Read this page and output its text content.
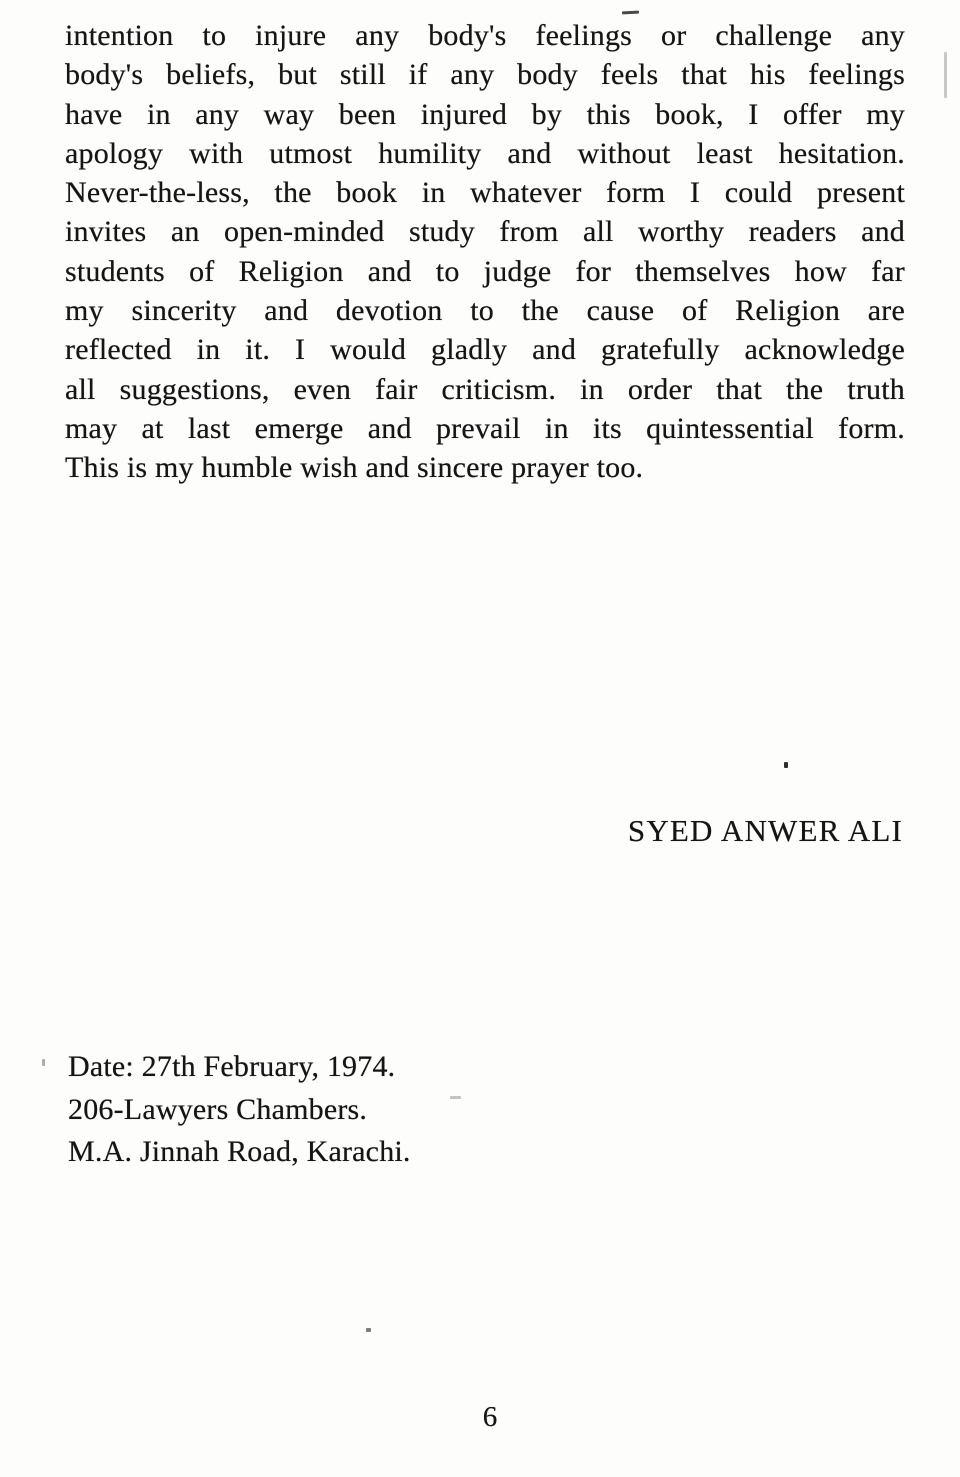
intention to injure any body's feelings or challenge any
body's beliefs, but still if any body feels that his feelings
have in any way been injured by this book, I offer my
apology with utmost humility and without least hesitation.
Never-the-less, the book in whatever form I could present
invites an open-minded study from all worthy readers and
students of Religion and to judge for themselves how far
my sincerity and devotion to the cause of Religion are
reflected in it. I would gladly and gratefully acknowledge
all suggestions, even fair criticism. in order that the truth
may at last emerge and prevail in its quintessential form.
This is my humble wish and sincere prayer too.
SYED ANWER ALI
Date: 27th February, 1974.
206-Lawyers Chambers.
M.A. Jinnah Road, Karachi.
6
